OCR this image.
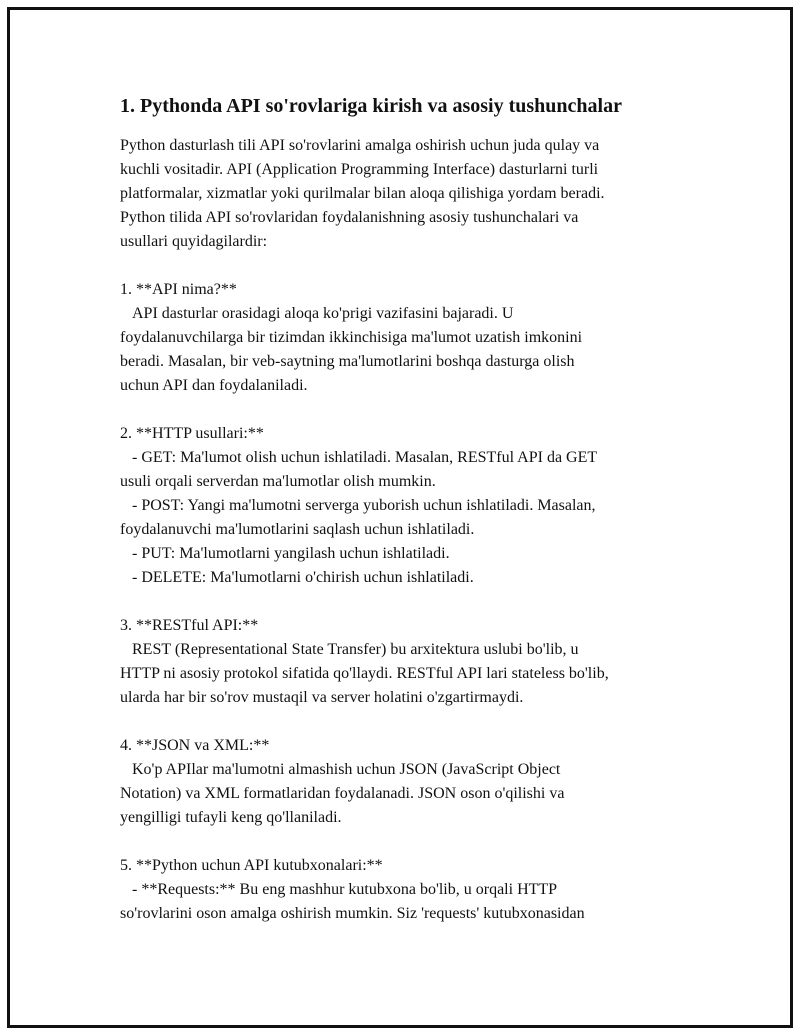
1. Pythonda API so'rovlariga kirish va asosiy tushunchalar
Python dasturlash tili API so'rovlarini amalga oshirish uchun juda qulay va
kuchli vositadir. API (Application Programming Interface) dasturlarni turli
platformalar, xizmatlar yoki qurilmalar bilan aloqa qilishiga yordam beradi.
Python tilida API so'rovlaridan foydalanishning asosiy tushunchalari va
usullari quyidagilardir:

1. **API nima?**
API dasturlar orasidagi aloqa ko'prigi vazifasini bajaradi. U
foydalanuvchilarga bir tizimdan ikkinchisiga ma'lumot uzatish imkonini
beradi. Masalan, bir veb-saytning ma'lumotlarini boshqa dasturga olish
uchun API dan foydalaniladi.

2. **HTTP usullari:**
- GET: Ma'lumot olish uchun ishlatiladi. Masalan, RESTful API da GET
usuli orqali serverdan ma'lumotlar olish mumkin.
- POST: Yangi ma'lumotni serverga yuborish uchun ishlatiladi. Masalan,
foydalanuvchi ma'lumotlarini saqlash uchun ishlatiladi.
- PUT: Ma'lumotlarni yangilash uchun ishlatiladi.
- DELETE: Ma'lumotlarni o'chirish uchun ishlatiladi.

3. **RESTful API:**
REST (Representational State Transfer) bu arxitektura uslubi bo'lib, u
HTTP ni asosiy protokol sifatida qo'llaydi. RESTful API lari stateless bo'lib,
ularda har bir so'rov mustaqil va server holatini o'zgartirmaydi.

4. **JSON va XML:**
Ko'p APIlar ma'lumotni almashish uchun JSON (JavaScript Object
Notation) va XML formatlaridan foydalanadi. JSON oson o'qilishi va
yengilligi tufayli keng qo'llaniladi.

5. **Python uchun API kutubxonalari:**
- **Requests:** Bu eng mashhur kutubxona bo'lib, u orqali HTTP
so'rovlarini oson amalga oshirish mumkin. Siz 'requests' kutubxonasidan
